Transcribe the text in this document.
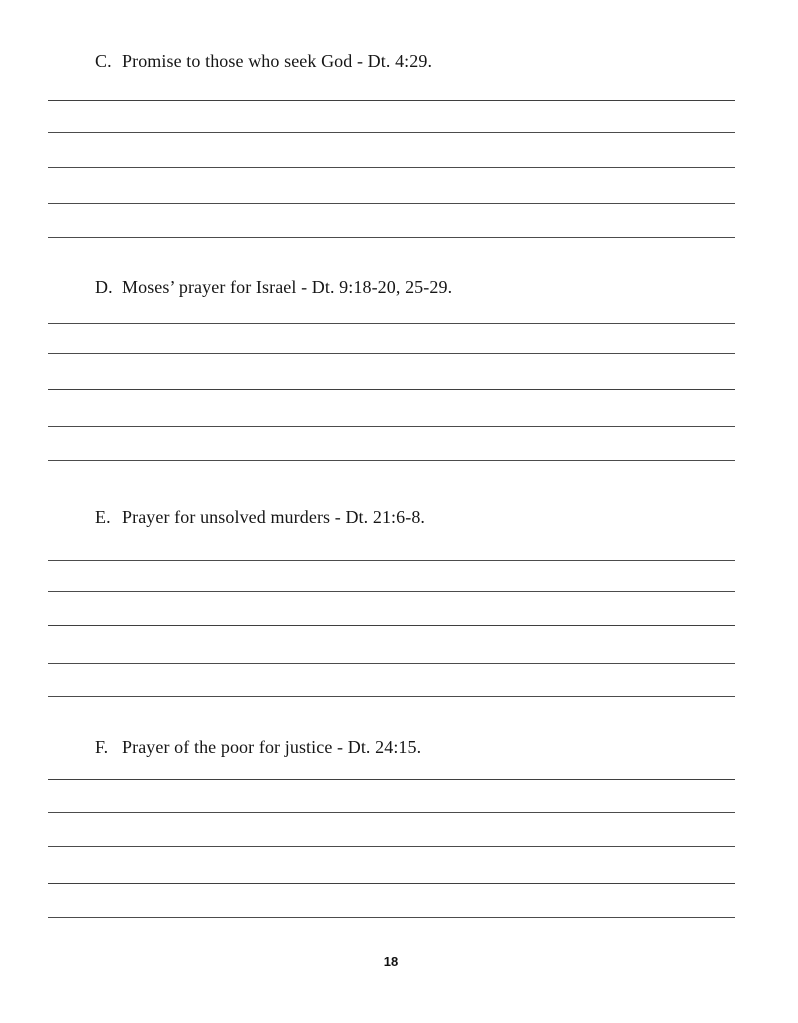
C. Promise to those who seek God - Dt. 4:29.
D. Moses’ prayer for Israel - Dt. 9:18-20, 25-29.
E. Prayer for unsolved murders - Dt. 21:6-8.
F. Prayer of the poor for justice - Dt. 24:15.
18
